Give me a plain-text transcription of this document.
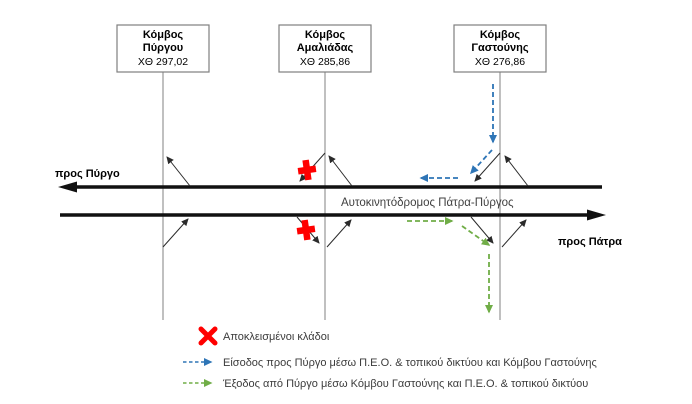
Κόμβος
Πύργου
ΧΘ 297,02
Κόμβος
Αμαλιάδας
ΧΘ 285,86
Κόμβος
Γαστούνης
ΧΘ 276,86
προς Πύργο
προς Πάτρα
Αυτοκινητόδρομος Πάτρα-Πύργος
Αποκλεισμένοι κλάδοι
Είσοδος προς Πύργο μέσω Π.Ε.Ο. & τοπικού δικτύου και Κόμβου Γαστούνης
Έξοδος από Πύργο μέσω Κόμβου Γαστούνης και Π.Ε.Ο. & τοπικού δικτύου
